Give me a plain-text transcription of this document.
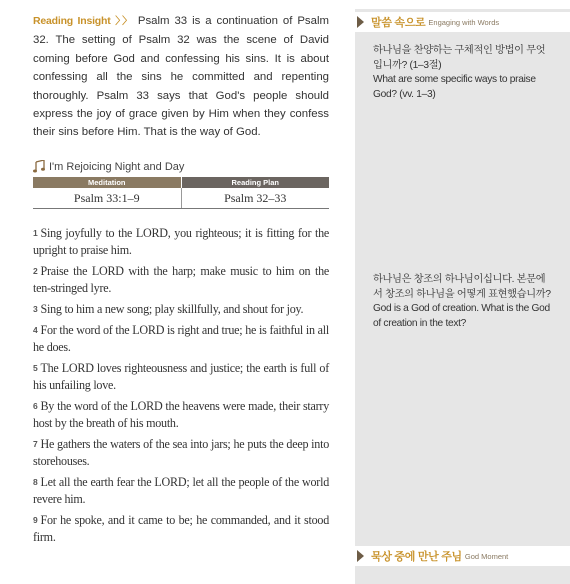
Reading Insight 〉〉 Psalm 33 is a continuation of Psalm 32. The setting of Psalm 32 was the scene of David coming before God and confessing his sins. It is about confessing all the sins he committed and repenting thoroughly. Psalm 33 says that God's people should express the joy of grace given by Him when they confess their sins before Him. That is the way of God.
I'm Rejoicing Night and Day
Meditation	Reading Plan
Psalm 33:1–9	Psalm 32–33

1 Sing joyfully to the LORD, you righteous; it is fitting for the upright to praise him.

2 Praise the LORD with the harp; make music to him on the ten-stringed lyre.

3 Sing to him a new song; play skillfully, and shout for joy.

4 For the word of the LORD is right and true; he is faithful in all he does.

5 The LORD loves righteousness and justice; the earth is full of his unfailing love.

6 By the word of the LORD the heavens were made, their starry host by the breath of his mouth.

7 He gathers the waters of the sea into jars; he puts the deep into storehouses.

8 Let all the earth fear the LORD; let all the people of the world revere him.

9 For he spoke, and it came to be; he commanded, and it stood firm.

말씀 속으로 Engaging with Words
하나님을 찬양하는 구체적인 방법이 무엇입니까? (1–3절)
What are some specific ways to praise God? (vv. 1–3)
하나님은 창조의 하나님이십니다. 본문에서 창조의 하나님을 어떻게 표현했습니까?
God is a God of creation. What is the God of creation in the text?
묵상 중에 만난 주님 God Moment
